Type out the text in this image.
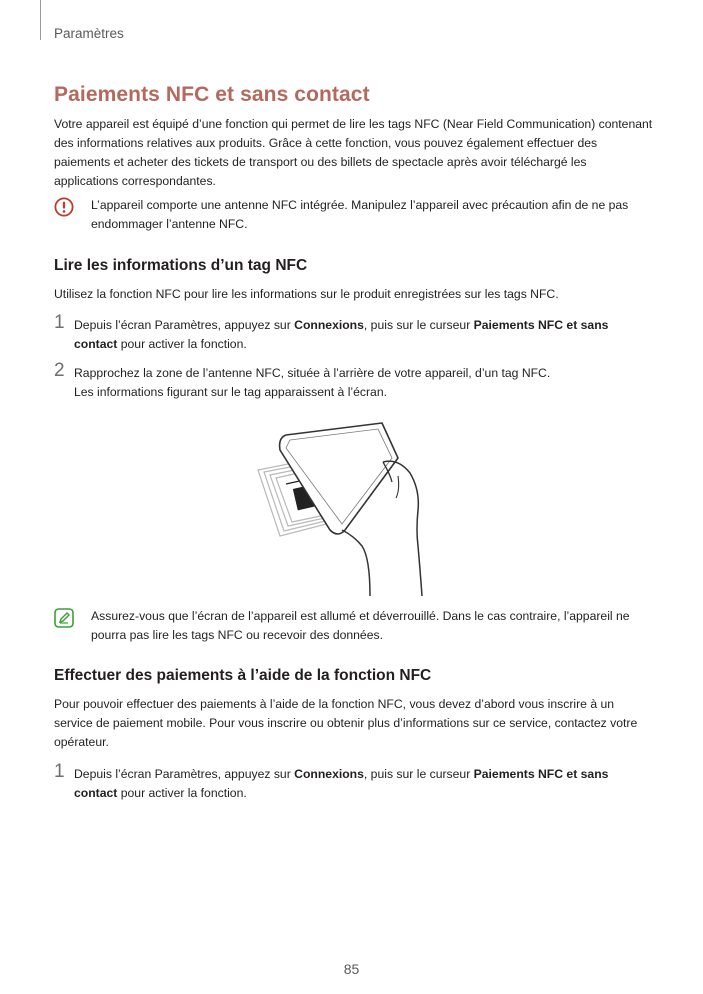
Paramètres
Paiements NFC et sans contact

Votre appareil est équipé d’une fonction qui permet de lire les tags NFC (Near Field Communication) contenant des informations relatives aux produits. Grâce à cette fonction, vous pouvez également effectuer des paiements et acheter des tickets de transport ou des billets de spectacle après avoir téléchargé les applications correspondantes.

L’appareil comporte une antenne NFC intégrée. Manipulez l’appareil avec précaution afin de ne pas endommager l’antenne NFC.

Lire les informations d’un tag NFC

Utilisez la fonction NFC pour lire les informations sur le produit enregistrées sur les tags NFC.

1 Depuis l’écran Paramètres, appuyez sur Connexions, puis sur le curseur Paiements NFC et sans contact pour activer la fonction.

2 Rapprochez la zone de l’antenne NFC, située à l’arrière de votre appareil, d’un tag NFC.
Les informations figurant sur le tag apparaissent à l’écran.

Assurez-vous que l’écran de l’appareil est allumé et déverrouillé. Dans le cas contraire, l’appareil ne pourra pas lire les tags NFC ou recevoir des données.

Effectuer des paiements à l’aide de la fonction NFC

Pour pouvoir effectuer des paiements à l’aide de la fonction NFC, vous devez d’abord vous inscrire à un service de paiement mobile. Pour vous inscrire ou obtenir plus d’informations sur ce service, contactez votre opérateur.

1 Depuis l’écran Paramètres, appuyez sur Connexions, puis sur le curseur Paiements NFC et sans contact pour activer la fonction.

85
